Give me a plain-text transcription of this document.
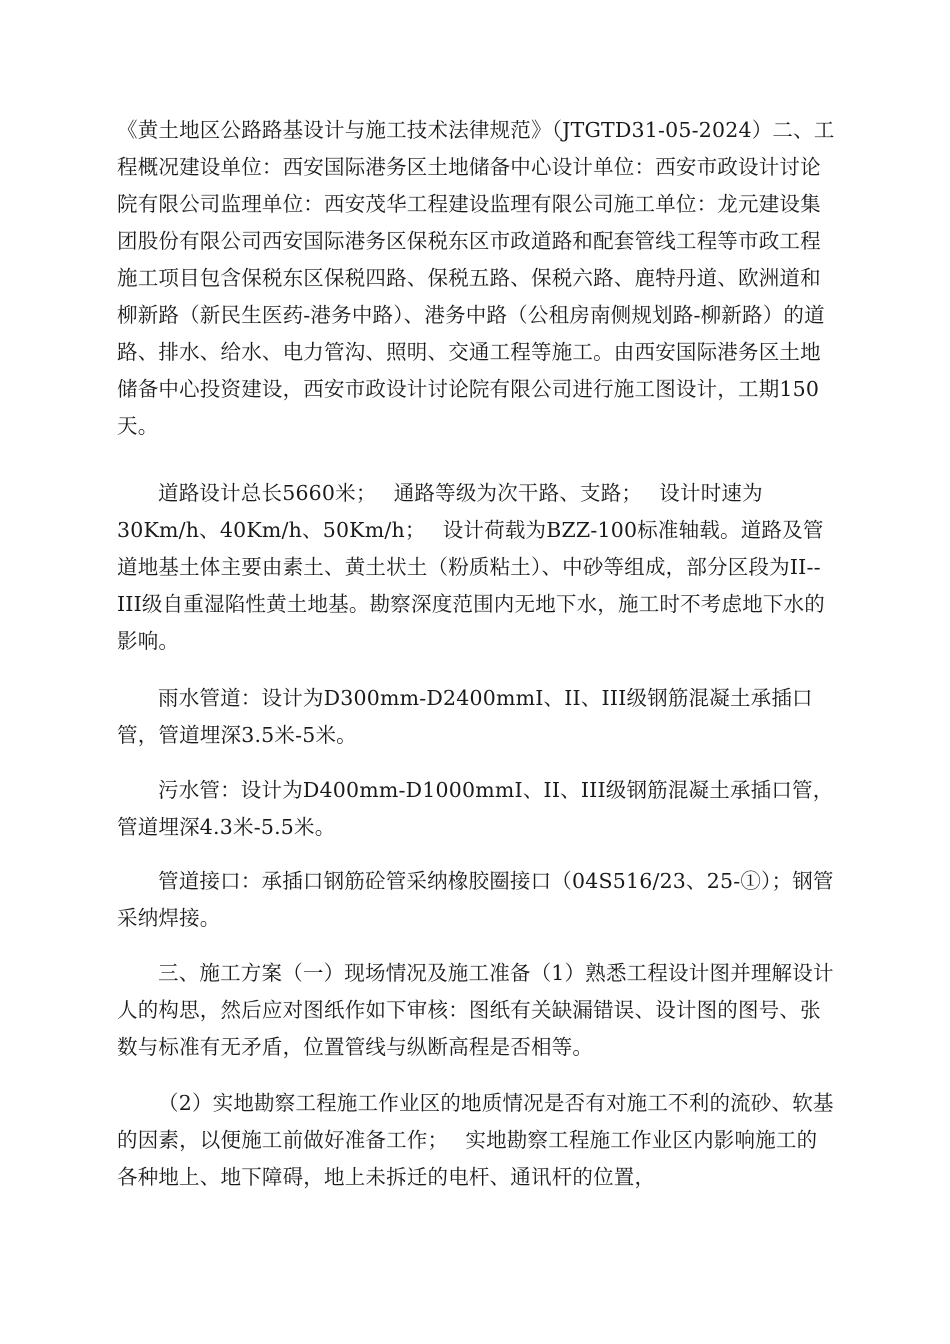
《黄土地区公路路基设计与施工技术法律规范》（JTGTD31-05-2024）二、工程概况建设单位：西安国际港务区土地储备中心设计单位：西安市政设计讨论院有限公司监理单位：西安茂华工程建设监理有限公司施工单位：龙元建设集团股份有限公司西安国际港务区保税东区市政道路和配套管线工程等市政工程施工项目包含保税东区保税四路、保税五路、保税六路、鹿特丹道、欧洲道和柳新路（新民生医药-港务中路）、港务中路（公租房南侧规划路-柳新路）的道路、排水、给水、电力管沟、照明、交通工程等施工。由西安国际港务区土地储备中心投资建设，西安市政设计讨论院有限公司进行施工图设计，工期150天。

道路设计总长5660米；　 通路等级为次干路、支路；　 设计时速为30Km/h、40Km/h、50Km/h；　 设计荷载为BZZ-100标准轴载。道路及管道地基土体主要由素土、黄土状土（粉质粘土）、中砂等组成，部分区段为II--III级自重湿陷性黄土地基。勘察深度范围内无地下水，施工时不考虑地下水的影响。

雨水管道：设计为D300mm-D2400mmI、II、III级钢筋混凝土承插口管，管道埋深3.5米-5米。

污水管：设计为D400mm-D1000mmI、II、III级钢筋混凝土承插口管，管道埋深4.3米-5.5米。

管道接口：承插口钢筋砼管采纳橡胶圈接口（04S516/23、25-①）；钢管采纳焊接。

三、施工方案（一）现场情况及施工准备（1）熟悉工程设计图并理解设计人的构思，然后应对图纸作如下审核：图纸有关缺漏错误、设计图的图号、张数与标准有无矛盾，位置管线与纵断高程是否相等。

（2）实地勘察工程施工作业区的地质情况是否有对施工不利的流砂、软基的因素，以便施工前做好准备工作；　 实地勘察工程施工作业区内影响施工的各种地上、地下障碍，地上未拆迁的电杆、通讯杆的位置，
